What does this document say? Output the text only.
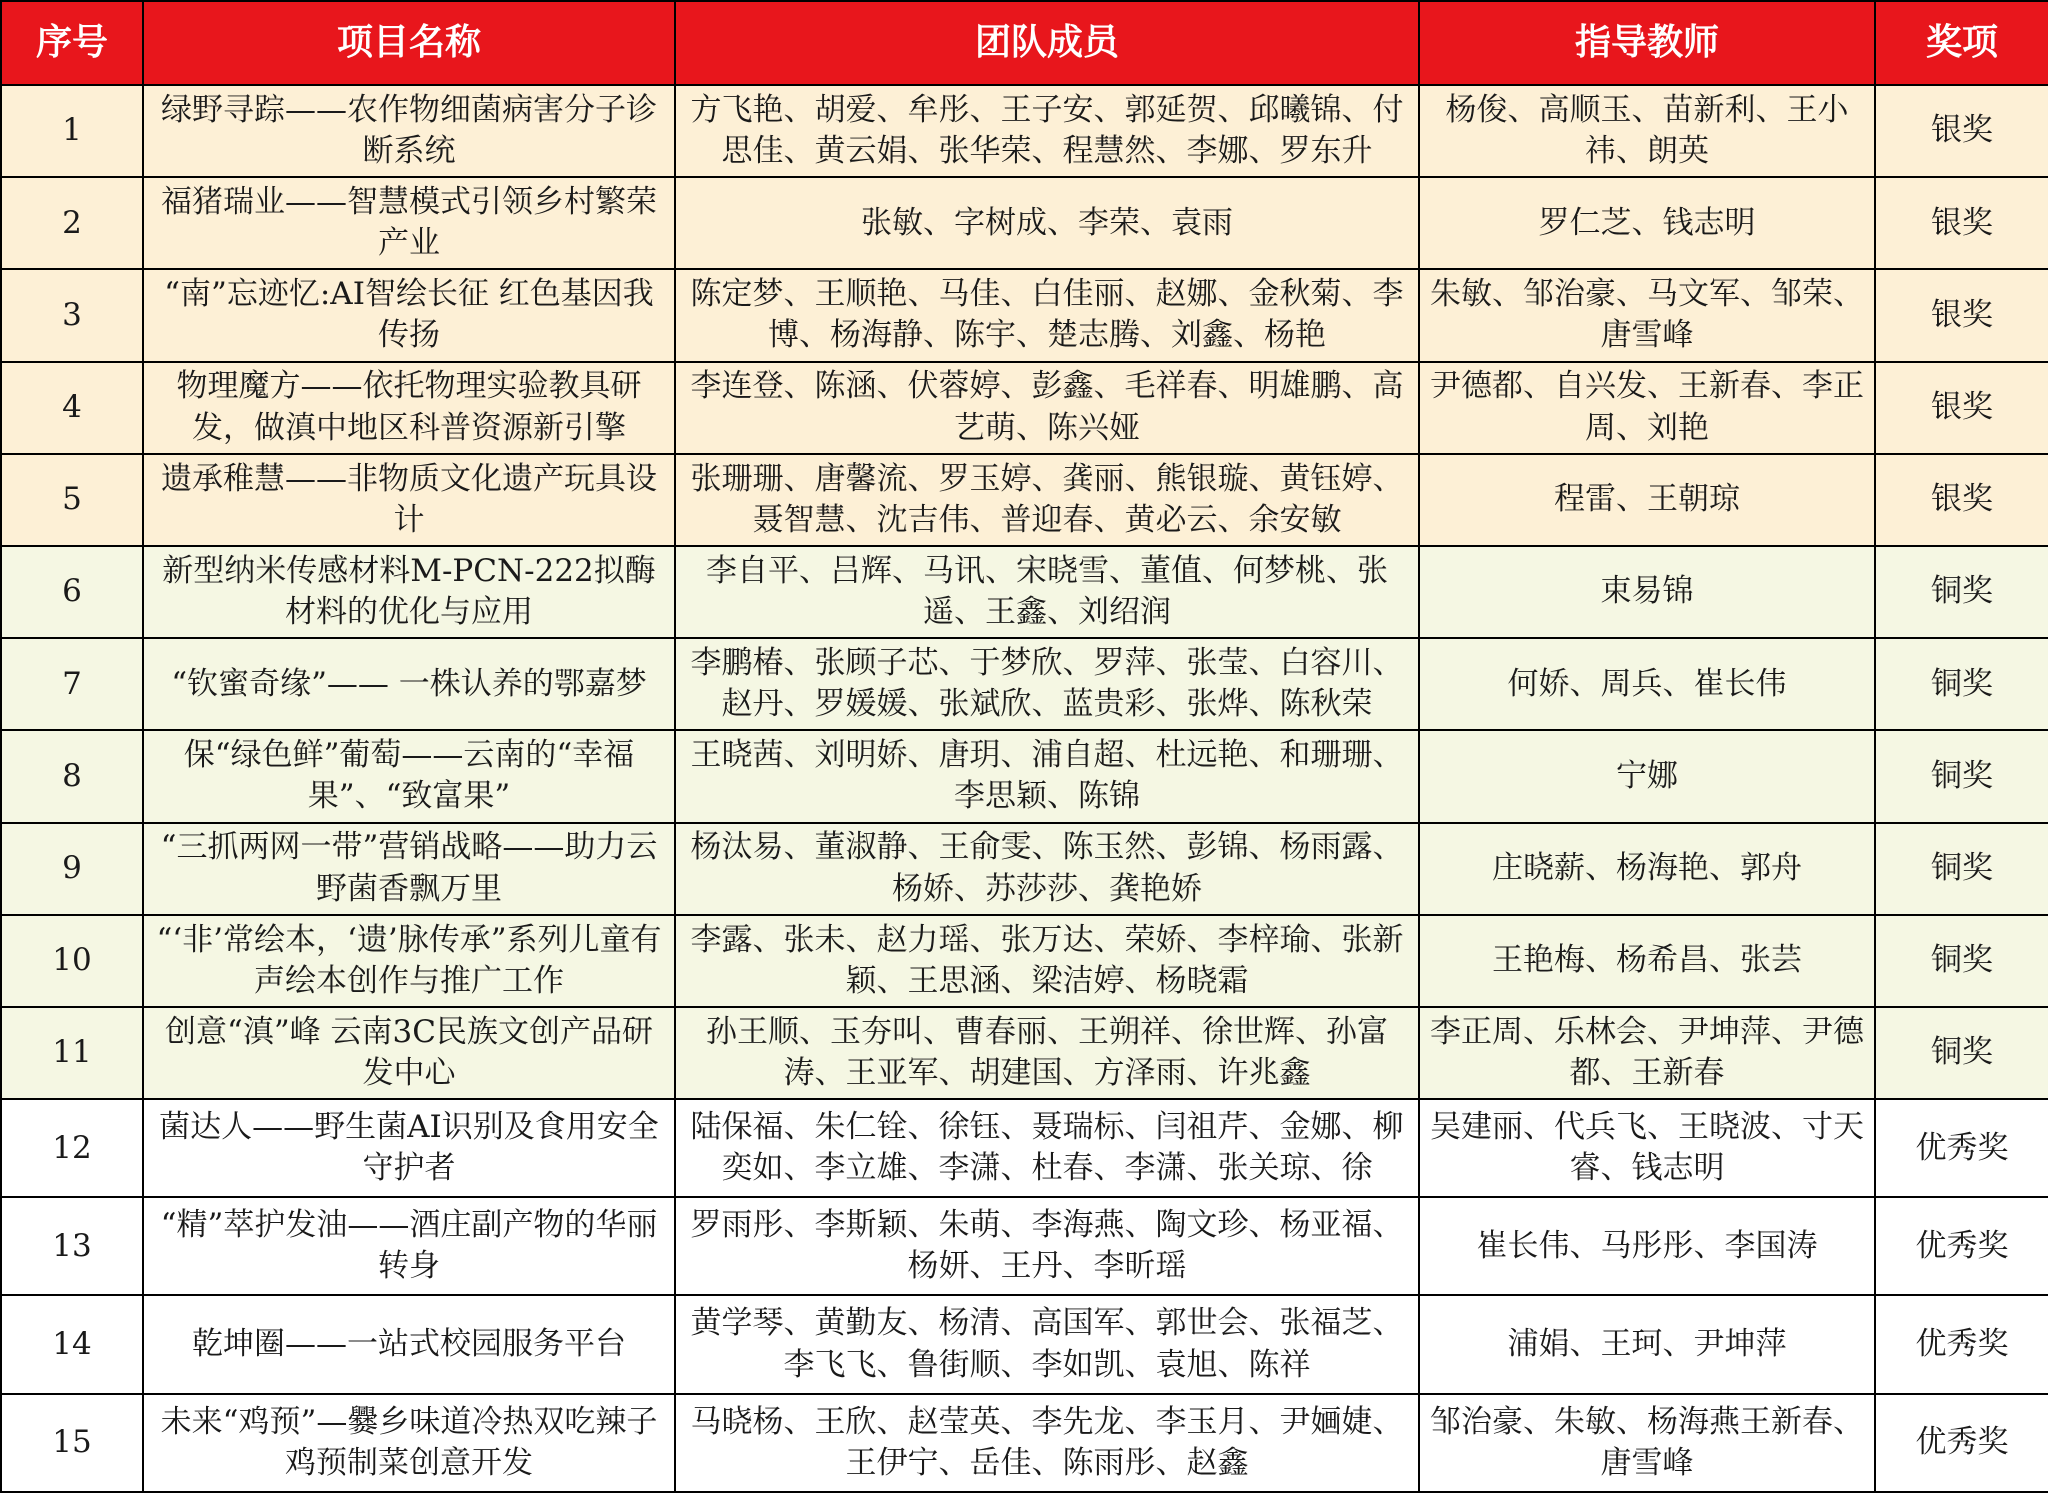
序号	项目名称	团队成员	指导教师	奖项
1	绿野寻踪——农作物细菌病害分子诊断系统	方飞艳、胡爱、牟彤、王子安、郭延贺、邱曦锦、付思佳、黄云娟、张华荣、程慧然、李娜、罗东升	杨俊、高顺玉、苗新利、王小祎、朗英	银奖
2	福猪瑞业——智慧模式引领乡村繁荣产业	张敏、字树成、李荣、袁雨	罗仁芝、钱志明	银奖
3	“南”忘迹忆:AI智绘长征 红色基因我传扬	陈定梦、王顺艳、马佳、白佳丽、赵娜、金秋菊、李博、杨海静、陈宇、楚志腾、刘鑫、杨艳	朱敏、邹治豪、马文军、邹荣、唐雪峰	银奖
4	物理魔方——依托物理实验教具研发，做滇中地区科普资源新引擎	李连登、陈涵、伏蓉婷、彭鑫、毛祥春、明雄鹏、高艺萌、陈兴娅	尹德都、自兴发、王新春、李正周、刘艳	银奖
5	遗承稚慧——非物质文化遗产玩具设计	张珊珊、唐馨流、罗玉婷、龚丽、熊银璇、黄钰婷、聂智慧、沈吉伟、普迎春、黄必云、余安敏	程雷、王朝琼	银奖
6	新型纳米传感材料M-PCN-222拟酶材料的优化与应用	李自平、吕辉、马讯、宋晓雪、董值、何梦桃、张遥、王鑫、刘绍润	束易锦	铜奖
7	“钦蜜奇缘”—— 一株认养的鄂嘉梦	李鹏椿、张顾子芯、于梦欣、罗萍、张莹、白容川、赵丹、罗媛媛、张斌欣、蓝贵彩、张烨、陈秋荣	何娇、周兵、崔长伟	铜奖
8	保“绿色鲜”葡萄——云南的“幸福果”、“致富果”	王晓茜、刘明娇、唐玥、浦自超、杜远艳、和珊珊、李思颖、陈锦	宁娜	铜奖
9	“三抓两网一带”营销战略——助力云野菌香飘万里	杨汰易、董淑静、王俞雯、陈玉然、彭锦、杨雨露、杨娇、苏莎莎、龚艳娇	庄晓薪、杨海艳、郭舟	铜奖
10	“‘非’常绘本，‘遗’脉传承”系列儿童有声绘本创作与推广工作	李露、张未、赵力瑶、张万达、荣娇、李梓瑜、张新颖、王思涵、梁洁婷、杨晓霜	王艳梅、杨希昌、张芸	铜奖
11	创意“滇”峰 云南3C民族文创产品研发中心	孙王顺、玉夯叫、曹春丽、王朔祥、徐世辉、孙富涛、王亚军、胡建国、方泽雨、许兆鑫	李正周、乐林会、尹坤萍、尹德都、王新春	铜奖
12	菌达人——野生菌AI识别及食用安全守护者	陆保福、朱仁铨、徐钰、聂瑞标、闫祖芹、金娜、柳奕如、李立雄、李潇、杜春、李潇、张关琼、徐	吴建丽、代兵飞、王晓波、寸天睿、钱志明	优秀奖
13	“精”萃护发油——酒庄副产物的华丽转身	罗雨彤、李斯颖、朱萌、李海燕、陶文珍、杨亚福、杨妍、王丹、李昕瑶	崔长伟、马彤彤、李国涛	优秀奖
14	乾坤圈——一站式校园服务平台	黄学琴、黄勤友、杨清、高国军、郭世会、张福芝、李飞飞、鲁街顺、李如凯、袁旭、陈祥	浦娟、王珂、尹坤萍	优秀奖
15	未来“鸡预”—爨乡味道冷热双吃辣子鸡预制菜创意开发	马晓杨、王欣、赵莹英、李先龙、李玉月、尹婳婕、王伊宁、岳佳、陈雨彤、赵鑫	邹治豪、朱敏、杨海燕王新春、唐雪峰	优秀奖
